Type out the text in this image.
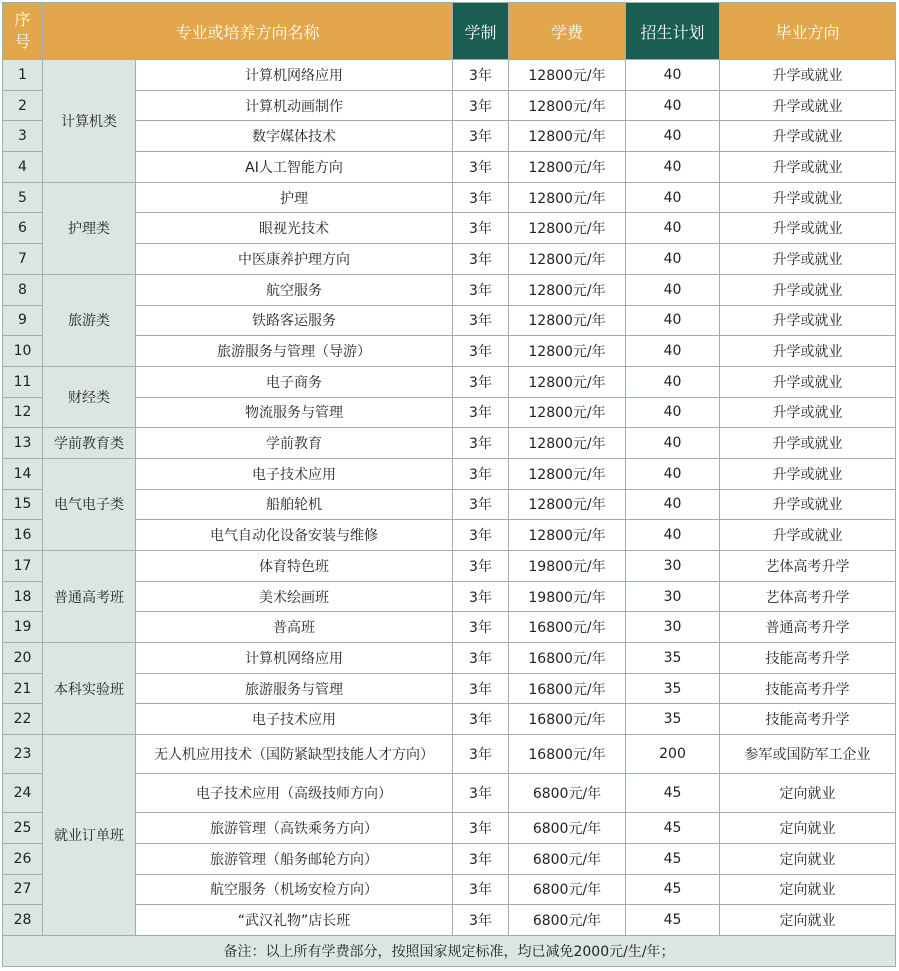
序
号	专业或培养方向名称		学制	学费	招生计划	毕业方向
1	计算机类	计算机网络应用	3年	12800元/年	40	升学或就业
2		计算机动画制作	3年	12800元/年	40	升学或就业
3		数字媒体技术	3年	12800元/年	40	升学或就业
4		AI人工智能方向	3年	12800元/年	40	升学或就业
5	护理类	护理	3年	12800元/年	40	升学或就业
6		眼视光技术	3年	12800元/年	40	升学或就业
7		中医康养护理方向	3年	12800元/年	40	升学或就业
8	旅游类	航空服务	3年	12800元/年	40	升学或就业
9		铁路客运服务	3年	12800元/年	40	升学或就业
10		旅游服务与管理（导游）	3年	12800元/年	40	升学或就业
11	财经类	电子商务	3年	12800元/年	40	升学或就业
12		物流服务与管理	3年	12800元/年	40	升学或就业
13	学前教育类	学前教育	3年	12800元/年	40	升学或就业
14	电气电子类	电子技术应用	3年	12800元/年	40	升学或就业
15		船舶轮机	3年	12800元/年	40	升学或就业
16		电气自动化设备安装与维修	3年	12800元/年	40	升学或就业
17	普通高考班	体育特色班	3年	19800元/年	30	艺体高考升学
18		美术绘画班	3年	19800元/年	30	艺体高考升学
19		普高班	3年	16800元/年	30	普通高考升学
20	本科实验班	计算机网络应用	3年	16800元/年	35	技能高考升学
21		旅游服务与管理	3年	16800元/年	35	技能高考升学
22		电子技术应用	3年	16800元/年	35	技能高考升学
23	就业订单班	无人机应用技术（国防紧缺型技能人才方向）	3年	16800元/年	200	参军或国防军工企业
24		电子技术应用（高级技师方向）	3年	6800元/年	45	定向就业
25		旅游管理（高铁乘务方向）	3年	6800元/年	45	定向就业
26		旅游管理（船务邮轮方向）	3年	6800元/年	45	定向就业
27		航空服务（机场安检方向）	3年	6800元/年	45	定向就业
28		“武汉礼物”店长班	3年	6800元/年	45	定向就业
备注：以上所有学费部分，按照国家规定标准，均已减免2000元/生/年；						
